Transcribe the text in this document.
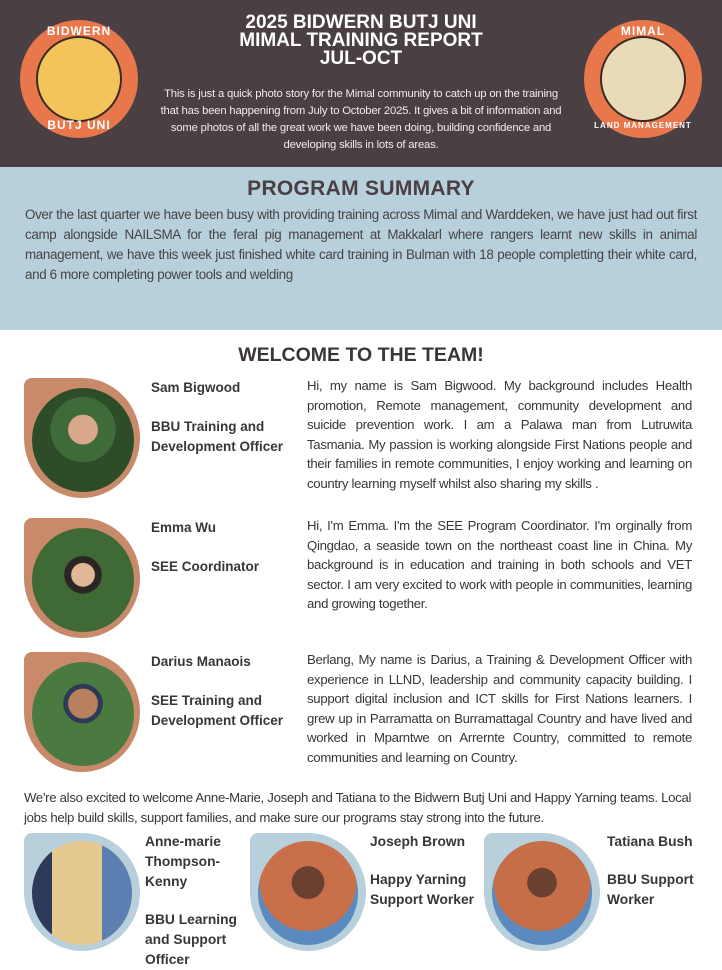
BIDWERN
BUTJ UNI
2025 BIDWERN BUTJ UNI
MIMAL TRAINING REPORT
JUL-OCT
This is just a quick photo story for the Mimal community to catch up on the training that has been happening from July to October 2025. It gives a bit of information and some photos of all the great work we have been doing, building confidence and developing skills in lots of areas.
MIMAL
LAND MANAGEMENT
PROGRAM SUMMARY

Over the last quarter we have been busy with providing training across Mimal and Warddeken, we have just had out first camp alongside NAILSMA for the feral pig management at Makkalarl where rangers learnt new skills in animal management, we have this week just finished white card training in Bulman with 18 people completting their white card, and 6 more completing power tools and welding

WELCOME TO THE TEAM!
Sam Bigwood
BBU Training and Development Officer
Hi, my name is Sam Bigwood. My background includes Health promotion, Remote management, community development and suicide prevention work. I am a Palawa man from Lutruwita Tasmania. My passion is working alongside First Nations people and their families in remote communities, I enjoy working and learning on country learning myself whilst also sharing my skills .
Emma Wu
SEE Coordinator
Hi, I'm Emma. I'm the SEE Program Coordinator. I'm orginally from Qingdao, a seaside town on the northeast coast line in China. My background is in education and training in both schools and VET sector. I am very excited to work with people in communities, learning and growing together.
Darius Manaois
SEE Training and Development Officer
Berlang, My name is Darius, a Training & Development Officer with experience in LLND, leadership and community capacity building. I support digital inclusion and ICT skills for First Nations learners. I grew up in Parramatta on Burramattagal Country and have lived and worked in Mparntwe on Arrernte Country, committed to remote communities and learning on Country.
We're also excited to welcome Anne-Marie, Joseph and Tatiana to the Bidwern Butj Uni and Happy Yarning teams. Local jobs help build skills, support families, and make sure our programs stay strong into the future.
Anne-marie Thompson-Kenny
BBU Learning and Support Officer
Joseph Brown
Happy Yarning Support Worker
Tatiana Bush
BBU Support Worker
